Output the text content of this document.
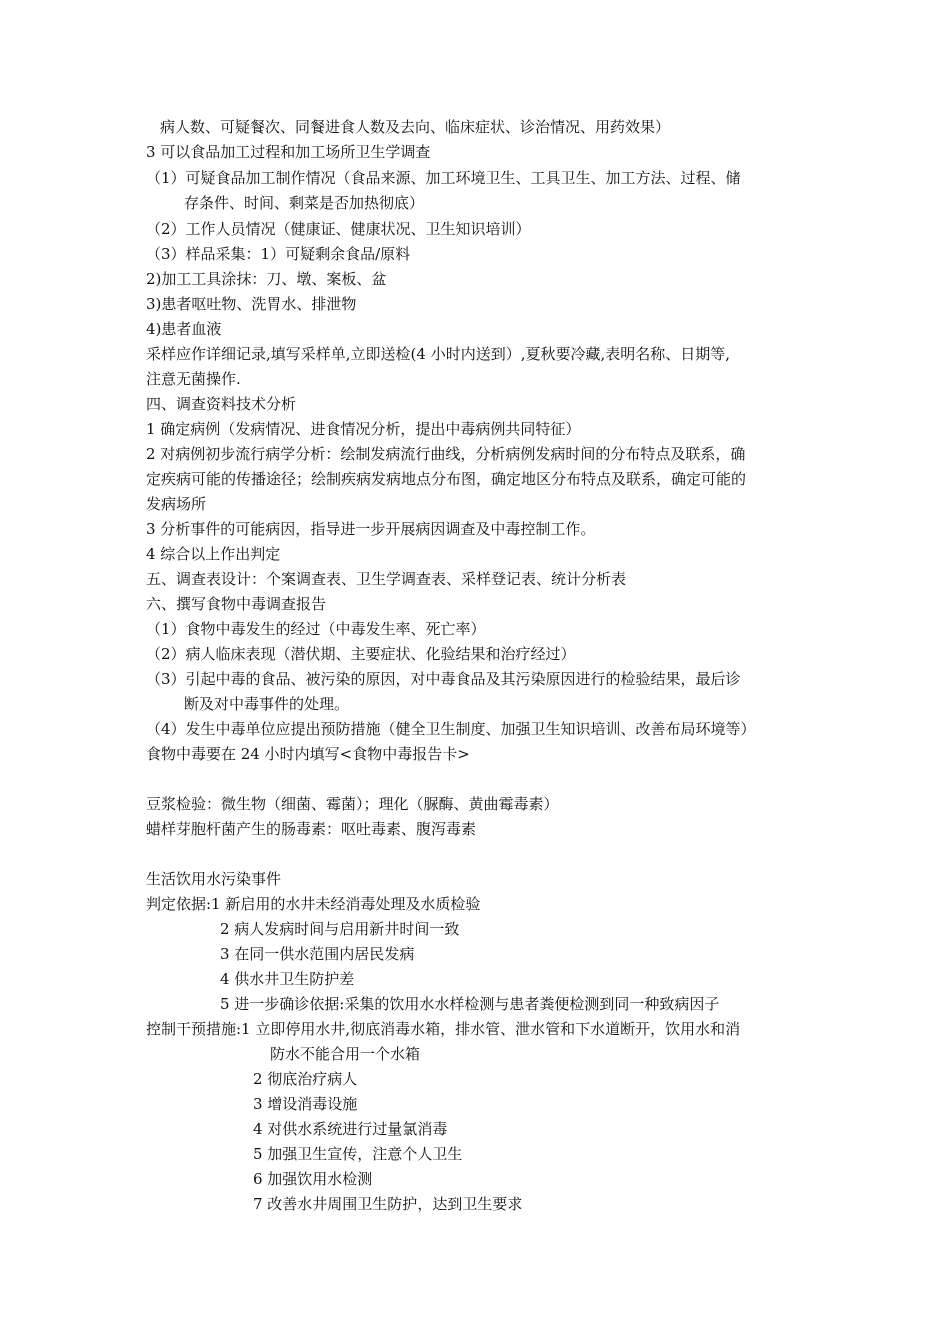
病人数、可疑餐次、同餐进食人数及去向、临床症状、诊治情况、用药效果）
3 可以食品加工过程和加工场所卫生学调查
（1）可疑食品加工制作情况（食品来源、加工环境卫生、工具卫生、加工方法、过程、储
存条件、时间、剩菜是否加热彻底）
（2）工作人员情况（健康证、健康状况、卫生知识培训）
（3）样品采集：1）可疑剩余食品/原料
2)加工工具涂抹：刀、墩、案板、盆
3)患者呕吐物、洗胃水、排泄物
4)患者血液
采样应作详细记录,填写采样单,立即送检(4 小时内送到）,夏秋要冷藏,表明名称、日期等,
注意无菌操作.
四、调查资料技术分析
1 确定病例（发病情况、进食情况分析，提出中毒病例共同特征）
2 对病例初步流行病学分析：绘制发病流行曲线，分析病例发病时间的分布特点及联系，确
定疾病可能的传播途径；绘制疾病发病地点分布图，确定地区分布特点及联系，确定可能的
发病场所
3 分析事件的可能病因，指导进一步开展病因调查及中毒控制工作。
4 综合以上作出判定
五、调查表设计：个案调查表、卫生学调查表、采样登记表、统计分析表
六、撰写食物中毒调查报告
（1）食物中毒发生的经过（中毒发生率、死亡率）
（2）病人临床表现（潜伏期、主要症状、化验结果和治疗经过）
（3）引起中毒的食品、被污染的原因，对中毒食品及其污染原因进行的检验结果，最后诊
断及对中毒事件的处理。
（4）发生中毒单位应提出预防措施（健全卫生制度、加强卫生知识培训、改善布局环境等）
食物中毒要在 24 小时内填写<食物中毒报告卡>
豆浆检验：微生物（细菌、霉菌）；理化（脲酶、黄曲霉毒素）
蜡样芽胞杆菌产生的肠毒素：呕吐毒素、腹泻毒素
生活饮用水污染事件
判定依据:1 新启用的水井未经消毒处理及水质检验
2 病人发病时间与启用新井时间一致
3 在同一供水范围内居民发病
4 供水井卫生防护差
5 进一步确诊依据:采集的饮用水水样检测与患者粪便检测到同一种致病因子
控制干预措施:1 立即停用水井,彻底消毒水箱，排水管、泄水管和下水道断开，饮用水和消
防水不能合用一个水箱
2 彻底治疗病人
3 增设消毒设施
4 对供水系统进行过量氯消毒
5 加强卫生宣传，注意个人卫生
6 加强饮用水检测
7 改善水井周围卫生防护，达到卫生要求
